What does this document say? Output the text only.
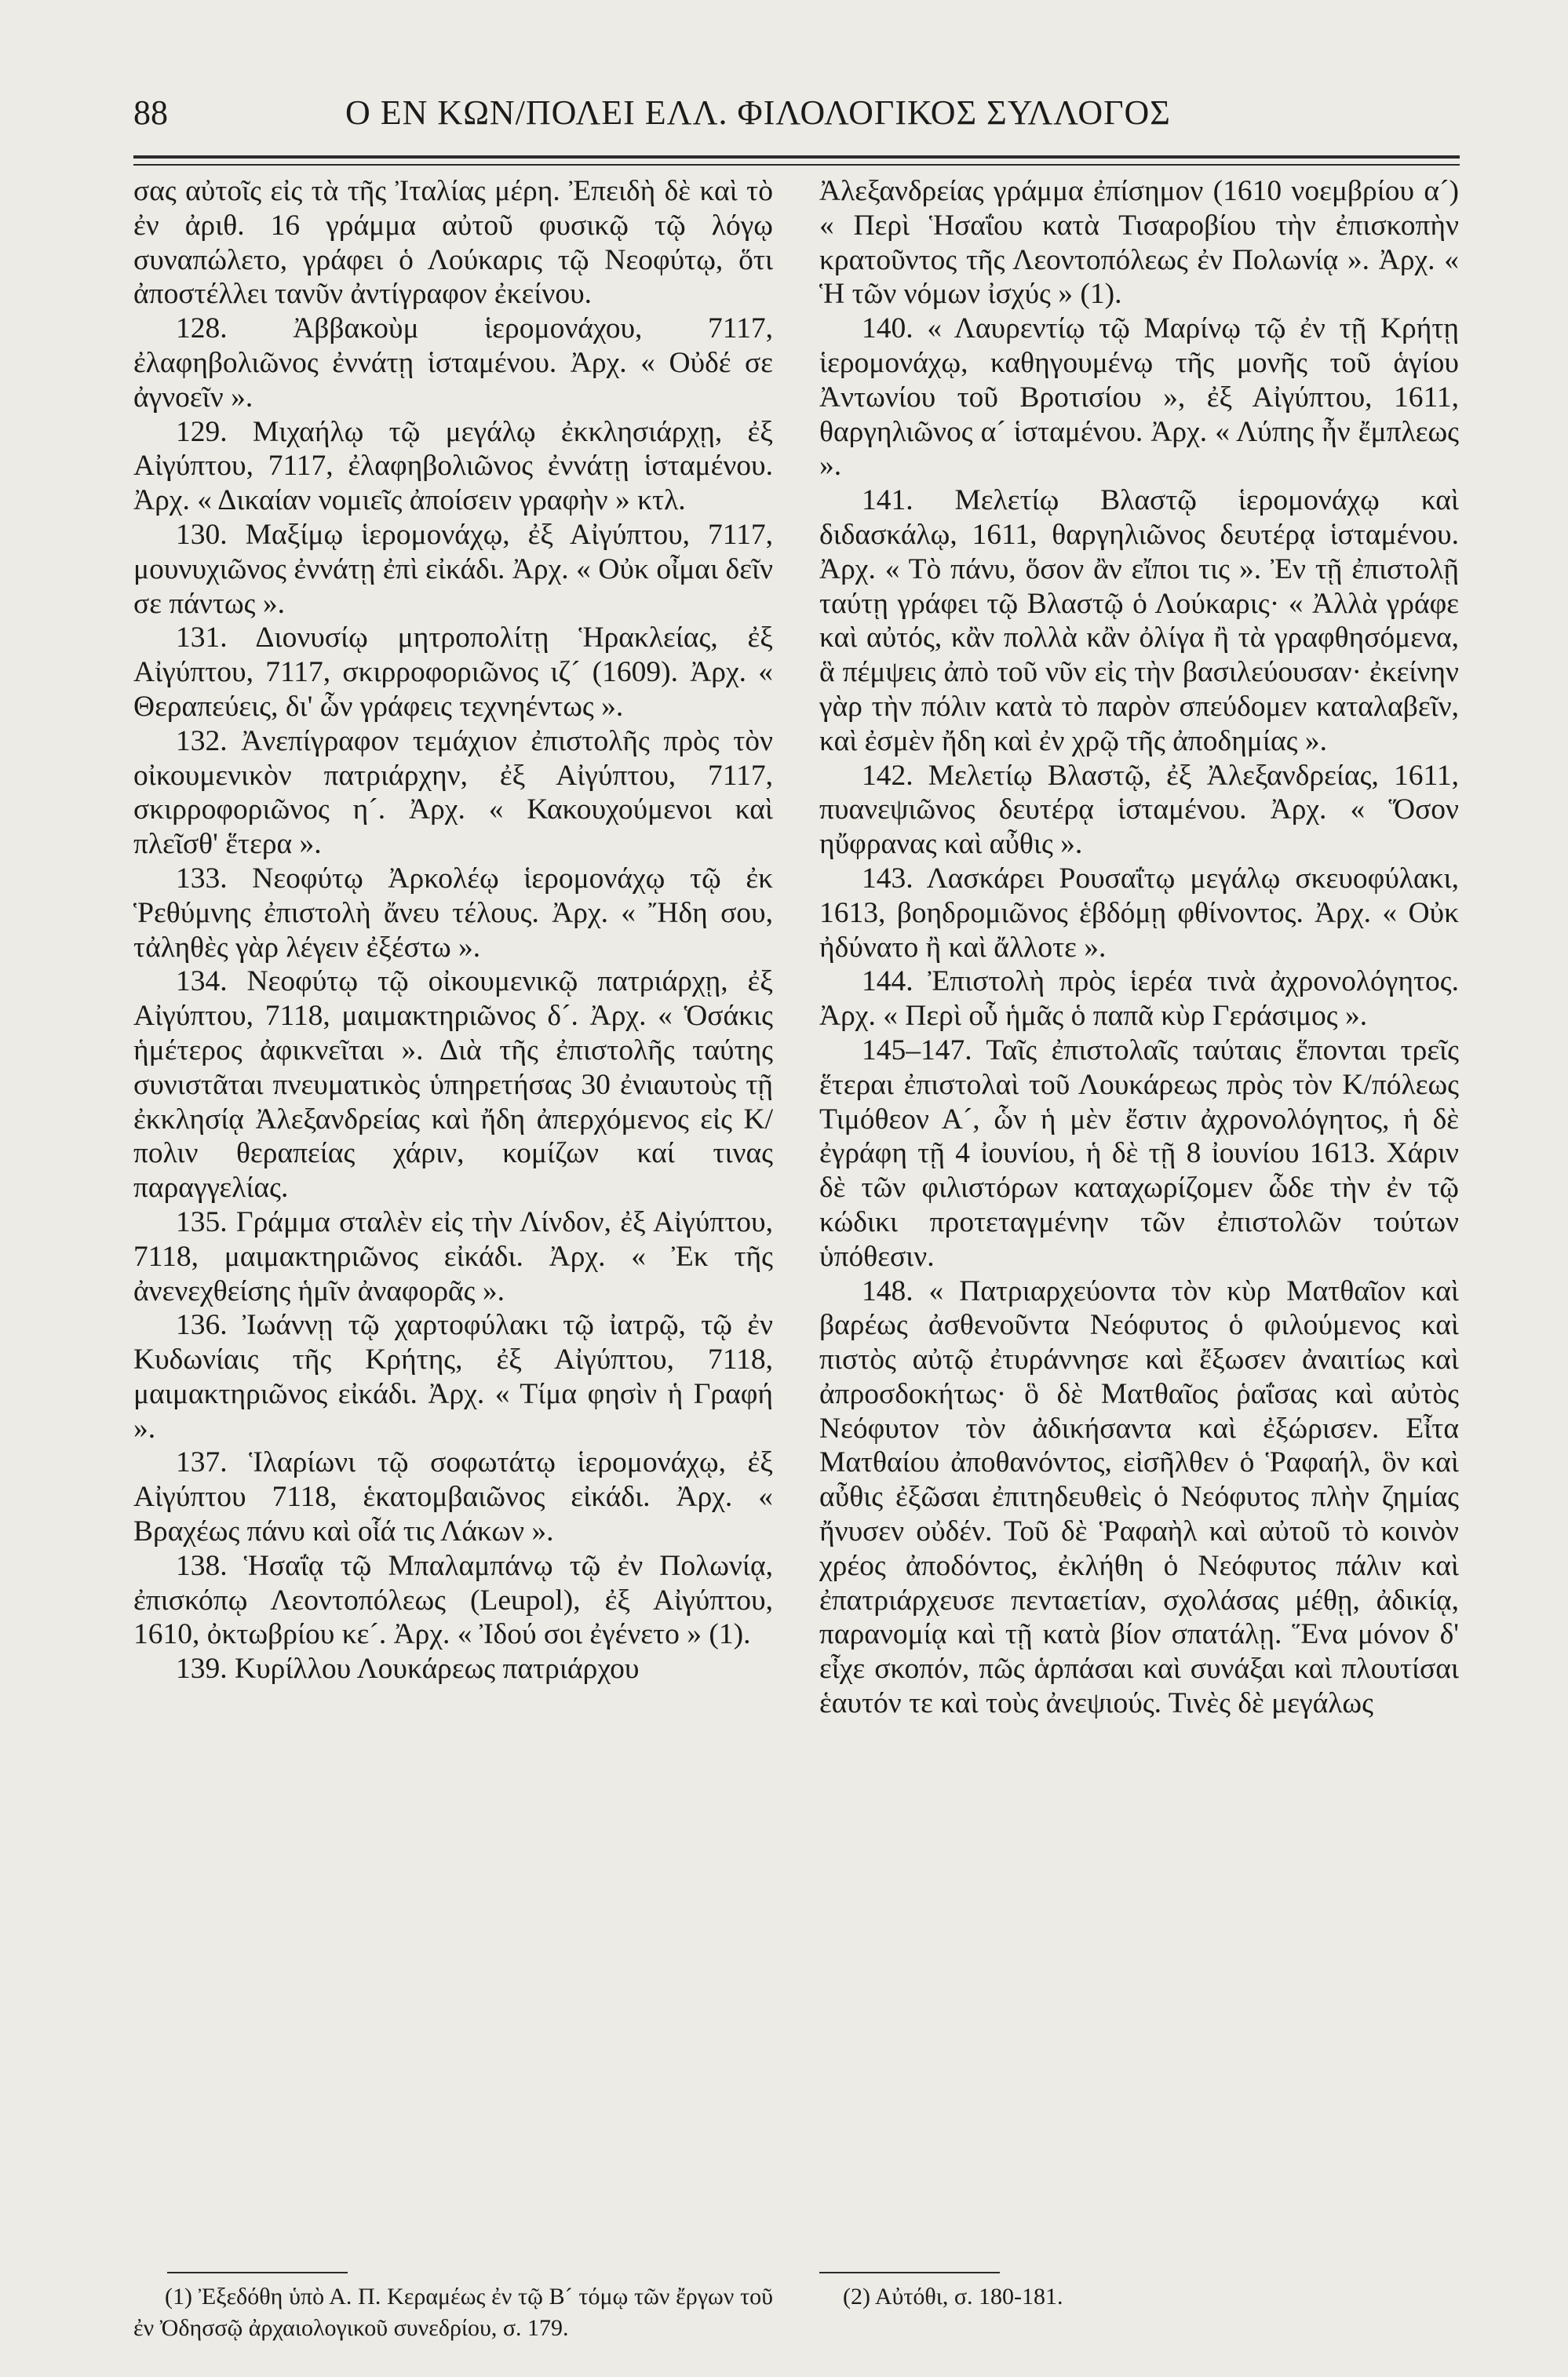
88	Ο ΕΝ ΚΩΝ/ΠΟΛΕΙ ΕΛΛ. ΦΙΛΟΛΟΓΙΚΟΣ ΣΥΛΛΟΓΟΣ

σας αὐτοῖς εἰς τὰ τῆς Ἰταλίας μέρη. Ἐπειδὴ δὲ καὶ τὸ ἐν ἀριθ. 16 γράμμα αὐτοῦ φυσικῷ τῷ λόγῳ συναπώλετο, γράφει ὁ Λούκαρις τῷ Νεοφύτῳ, ὅτι ἀποστέλλει τανῦν ἀντίγραφον ἐκείνου.

128. Ἀββακοὺμ ἱερομονάχου, 7117, ἐλαφηβολιῶνος ἐννάτῃ ἱσταμένου. Ἀρχ. « Οὐδέ σε ἀγνοεῖν ».

129. Μιχαήλῳ τῷ μεγάλῳ ἐκκλησιάρχῃ, ἐξ Αἰγύπτου, 7117, ἐλαφηβολιῶνος ἐννάτῃ ἱσταμένου. Ἀρχ. « Δικαίαν νομιεῖς ἀποίσειν γραφὴν » κτλ.

130. Μαξίμῳ ἱερομονάχῳ, ἐξ Αἰγύπτου, 7117, μουνυχιῶνος ἐννάτῃ ἐπὶ εἰκάδι. Ἀρχ. « Οὐκ οἶμαι δεῖν σε πάντως ».

131. Διονυσίῳ μητροπολίτῃ Ἡρακλείας, ἐξ Αἰγύπτου, 7117, σκιρροφοριῶνος ιζ´ (1609). Ἀρχ. « Θεραπεύεις, δι' ὧν γράφεις τεχνηέντως ».

132. Ἀνεπίγραφον τεμάχιον ἐπιστολῆς πρὸς τὸν οἰκουμενικὸν πατριάρχην, ἐξ Αἰγύπτου, 7117, σκιρροφοριῶνος η´. Ἀρχ. « Κακουχούμενοι καὶ πλεῖσθ' ἕτερα ».

133. Νεοφύτῳ Ἀρκολέῳ ἱερομονάχῳ τῷ ἐκ Ῥεθύμνης ἐπιστολὴ ἄνευ τέλους. Ἀρχ. « Ἤδη σου, τἀληθὲς γὰρ λέγειν ἐξέστω ».

134. Νεοφύτῳ τῷ οἰκουμενικῷ πατριάρχῃ, ἐξ Αἰγύπτου, 7118, μαιμακτηριῶνος δ´. Ἀρχ. « Ὁσάκις ἡμέτερος ἀφικνεῖται ». Διὰ τῆς ἐπιστολῆς ταύτης συνιστᾶται πνευματικὸς ὑπηρετήσας 30 ἐνιαυτοὺς τῇ ἐκκλησίᾳ Ἀλεξανδρείας καὶ ἤδη ἀπερχόμενος εἰς Κ/πολιν θεραπείας χάριν, κομίζων καί τινας παραγγελίας.

135. Γράμμα σταλὲν εἰς τὴν Λίνδον, ἐξ Αἰγύπτου, 7118, μαιμακτηριῶνος εἰκάδι. Ἀρχ. « Ἐκ τῆς ἀνενεχθείσης ἡμῖν ἀναφορᾶς ».

136. Ἰωάννῃ τῷ χαρτοφύλακι τῷ ἰατρῷ, τῷ ἐν Κυδωνίαις τῆς Κρήτης, ἐξ Αἰγύπτου, 7118, μαιμακτηριῶνος εἰκάδι. Ἀρχ. « Τίμα φησὶν ἡ Γραφή ».

137. Ἱλαρίωνι τῷ σοφωτάτῳ ἱερομονάχῳ, ἐξ Αἰγύπτου 7118, ἑκατομβαιῶνος εἰκάδι. Ἀρχ. « Βραχέως πάνυ καὶ οἷά τις Λάκων ».

138. Ἡσαΐᾳ τῷ Μπαλαμπάνῳ τῷ ἐν Πολωνίᾳ, ἐπισκόπῳ Λεοντοπόλεως (Leupol), ἐξ Αἰγύπτου, 1610, ὀκτωβρίου κε´. Ἀρχ. « Ἰδού σοι ἐγένετο » (1).

139. Κυρίλλου Λουκάρεως πατριάρχου

Ἀλεξανδρείας γράμμα ἐπίσημον (1610 νοεμβρίου α´) « Περὶ Ἡσαΐου κατὰ Τισαροβίου τὴν ἐπισκοπὴν κρατοῦντος τῆς Λεοντοπόλεως ἐν Πολωνίᾳ ». Ἀρχ. « Ἡ τῶν νόμων ἰσχύς » (1).

140. « Λαυρεντίῳ τῷ Μαρίνῳ τῷ ἐν τῇ Κρήτῃ ἱερομονάχῳ, καθηγουμένῳ τῆς μονῆς τοῦ ἁγίου Ἀντωνίου τοῦ Βροτισίου », ἐξ Αἰγύπτου, 1611, θαργηλιῶνος α´ ἱσταμένου. Ἀρχ. « Λύπης ἦν ἔμπλεως ».

141. Μελετίῳ Βλαστῷ ἱερομονάχῳ καὶ διδασκάλῳ, 1611, θαργηλιῶνος δευτέρᾳ ἱσταμένου. Ἀρχ. « Τὸ πάνυ, ὅσον ἂν εἴποι τις ». Ἐν τῇ ἐπιστολῇ ταύτῃ γράφει τῷ Βλαστῷ ὁ Λούκαρις· « Ἀλλὰ γράφε καὶ αὐτός, κἂν πολλὰ κἂν ὀλίγα ἢ τὰ γραφθησόμενα, ἃ πέμψεις ἀπὸ τοῦ νῦν εἰς τὴν βασιλεύουσαν· ἐκείνην γὰρ τὴν πόλιν κατὰ τὸ παρὸν σπεύδομεν καταλαβεῖν, καὶ ἐσμὲν ἤδη καὶ ἐν χρῷ τῆς ἀποδημίας ».

142. Μελετίῳ Βλαστῷ, ἐξ Ἀλεξανδρείας, 1611, πυανεψιῶνος δευτέρᾳ ἱσταμένου. Ἀρχ. « Ὅσον ηὔφρανας καὶ αὖθις ».

143. Λασκάρει Ρουσαΐτῳ μεγάλῳ σκευοφύλακι, 1613, βοηδρομιῶνος ἑβδόμῃ φθίνοντος. Ἀρχ. « Οὐκ ἠδύνατο ἢ καὶ ἄλλοτε ».

144. Ἐπιστολὴ πρὸς ἱερέα τινὰ ἀχρονολόγητος. Ἀρχ. « Περὶ οὗ ἡμᾶς ὁ παπᾶ κὺρ Γεράσιμος ».

145–147. Ταῖς ἐπιστολαῖς ταύταις ἕπονται τρεῖς ἕτεραι ἐπιστολαὶ τοῦ Λουκάρεως πρὸς τὸν Κ/πόλεως Τιμόθεον Α´, ὧν ἡ μὲν ἔστιν ἀχρονολόγητος, ἡ δὲ ἐγράφη τῇ 4 ἰουνίου, ἡ δὲ τῇ 8 ἰουνίου 1613. Χάριν δὲ τῶν φιλιστόρων καταχωρίζομεν ὧδε τὴν ἐν τῷ κώδικι προτεταγμένην τῶν ἐπιστολῶν τούτων ὑπόθεσιν.

148. « Πατριαρχεύοντα τὸν κὺρ Ματθαῖον καὶ βαρέως ἀσθενοῦντα Νεόφυτος ὁ φιλούμενος καὶ πιστὸς αὐτῷ ἐτυράννησε καὶ ἔξωσεν ἀναιτίως καὶ ἀπροσδοκήτως· ὃ δὲ Ματθαῖος ῥαΐσας καὶ αὐτὸς Νεόφυτον τὸν ἀδικήσαντα καὶ ἐξώρισεν. Εἶτα Ματθαίου ἀποθανόντος, εἰσῆλθεν ὁ Ῥαφαήλ, ὃν καὶ αὖθις ἐξῶσαι ἐπιτηδευθεὶς ὁ Νεόφυτος πλὴν ζημίας ἤνυσεν οὐδέν. Τοῦ δὲ Ῥαφαὴλ καὶ αὐτοῦ τὸ κοινὸν χρέος ἀποδόντος, ἐκλήθη ὁ Νεόφυτος πάλιν καὶ ἐπατριάρχευσε πενταετίαν, σχολάσας μέθῃ, ἀδικίᾳ, παρανομίᾳ καὶ τῇ κατὰ βίον σπατάλῃ. Ἕνα μόνον δ' εἶχε σκοπόν, πῶς ἁρπάσαι καὶ συνάξαι καὶ πλουτίσαι ἑαυτόν τε καὶ τοὺς ἀνεψιούς. Τινὲς δὲ μεγάλως

(1) Ἐξεδόθη ὑπὸ Α. Π. Κεραμέως ἐν τῷ Β´ τόμῳ τῶν ἔργων τοῦ ἐν Ὀδησσῷ ἀρχαιολογικοῦ συνεδρίου, σ. 179.
(2) Αὐτόθι, σ. 180-181.
